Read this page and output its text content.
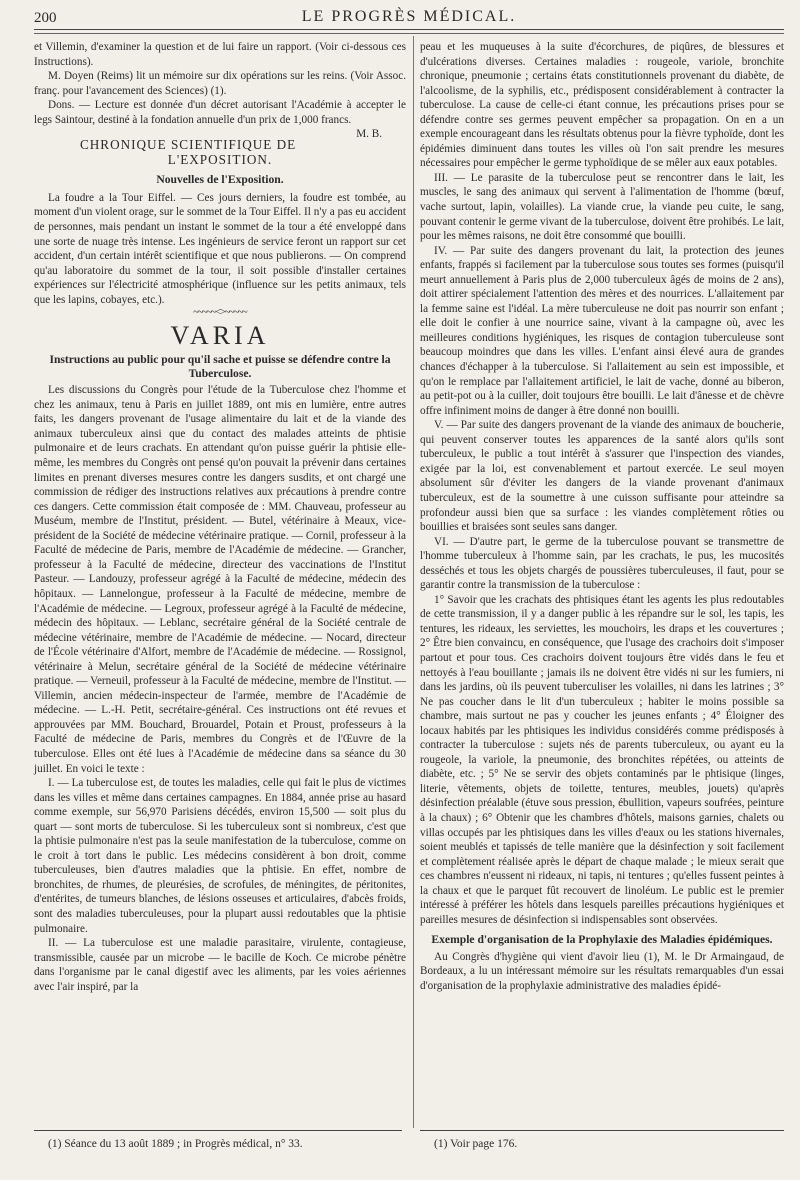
200	LE PROGRÈS MÉDICAL.

et Villemin, d'examiner la question et de lui faire un rapport. (Voir ci-dessous ces Instructions).

M. Doyen (Reims) lit un mémoire sur dix opérations sur les reins. (Voir Assoc. franç. pour l'avancement des Sciences) (1).

Dons. — Lecture est donnée d'un décret autorisant l'Académie à accepter le legs Saintour, destiné à la fondation annuelle d'un prix de 1,000 francs.
M. B.

CHRONIQUE SCIENTIFIQUE DE L'EXPOSITION.
Nouvelles de l'Exposition.

La foudre a la Tour Eiffel. — Ces jours derniers, la foudre est tombée, au moment d'un violent orage, sur le sommet de la Tour Eiffel. Il n'y a pas eu accident de personnes, mais pendant un instant le sommet de la tour a été enveloppé dans une sorte de nuage très intense. Les ingénieurs de service feront un rapport sur cet accident, d'un certain intérêt scientifique et que nous publierons. — On comprend qu'au laboratoire du sommet de la tour, il soit possible d'installer certaines expériences sur l'électricité atmosphérique (influence sur les petits animaux, tels que les lapins, cobayes, etc.).

~~~~~<>~~~~~
VARIA
Instructions au public pour qu'il sache et puisse se défendre contre la Tuberculose.

Les discussions du Congrès pour l'étude de la Tuberculose chez l'homme et chez les animaux, tenu à Paris en juillet 1889, ont mis en lumière, entre autres faits, les dangers provenant de l'usage alimentaire du lait et de la viande des animaux tuberculeux ainsi que du contact des malades atteints de phtisie pulmonaire et de leurs crachats. En attendant qu'on puisse guérir la phtisie elle-même, les membres du Congrès ont pensé qu'on pouvait la prévenir dans certaines limites en prenant diverses mesures contre les dangers susdits, et ont chargé une commission de rédiger des instructions relatives aux précautions à prendre contre ces dangers. Cette commission était composée de : MM. Chauveau, professeur au Muséum, membre de l'Institut, président. — Butel, vétérinaire à Meaux, vice-président de la Société de médecine vétérinaire pratique. — Cornil, professeur à la Faculté de médecine de Paris, membre de l'Académie de médecine. — Grancher, professeur à la Faculté de médecine, directeur des vaccinations de l'Institut Pasteur. — Landouzy, professeur agrégé à la Faculté de médecine, médecin des hôpitaux. — Lannelongue, professeur à la Faculté de médecine, membre de l'Académie de médecine. — Legroux, professeur agrégé à la Faculté de médecine, médecin des hôpitaux. — Leblanc, secrétaire général de la Société centrale de médecine vétérinaire, membre de l'Académie de médecine. — Nocard, directeur de l'École vétérinaire d'Alfort, membre de l'Académie de médecine. — Rossignol, vétérinaire à Melun, secrétaire général de la Société de médecine vétérinaire pratique. — Verneuil, professeur à la Faculté de médecine, membre de l'Institut. — Villemin, ancien médecin-inspecteur de l'armée, membre de l'Académie de médecine. — L.-H. Petit, secrétaire-général. Ces instructions ont été revues et approuvées par MM. Bouchard, Brouardel, Potain et Proust, professeurs à la Faculté de médecine de Paris, membres du Congrès et de l'Œuvre de la tuberculose. Elles ont été lues à l'Académie de médecine dans sa séance du 30 juillet. En voici le texte :

I. — La tuberculose est, de toutes les maladies, celle qui fait le plus de victimes dans les villes et même dans certaines campagnes. En 1884, année prise au hasard comme exemple, sur 56,970 Parisiens décédés, environ 15,500 — soit plus du quart — sont morts de tuberculose. Si les tuberculeux sont si nombreux, c'est que la phtisie pulmonaire n'est pas la seule manifestation de la tuberculose, comme on le croit à tort dans le public. Les médecins considèrent à bon droit, comme tuberculeuses, bien d'autres maladies que la phtisie. En effet, nombre de bronchites, de rhumes, de pleurésies, de scrofules, de méningites, de péritonites, d'entérites, de tumeurs blanches, de lésions osseuses et articulaires, d'abcès froids, sont des maladies tuberculeuses, pour la plupart aussi redoutables que la phtisie pulmonaire.

II. — La tuberculose est une maladie parasitaire, virulente, contagieuse, transmissible, causée par un microbe — le bacille de Koch. Ce microbe pénètre dans l'organisme par le canal digestif avec les aliments, par les voies aériennes avec l'air inspiré, par la

peau et les muqueuses à la suite d'écorchures, de piqûres, de blessures et d'ulcérations diverses. Certaines maladies : rougeole, variole, bronchite chronique, pneumonie ; certains états constitutionnels provenant du diabète, de l'alcoolisme, de la syphilis, etc., prédisposent considérablement à contracter la tuberculose. La cause de celle-ci étant connue, les précautions prises pour se défendre contre ses germes peuvent empêcher sa propagation. On en a un exemple encourageant dans les résultats obtenus pour la fièvre typhoïde, dont les épidémies diminuent dans toutes les villes où l'on sait prendre les mesures nécessaires pour empêcher le germe typhoïdique de se mêler aux eaux potables.

III. — Le parasite de la tuberculose peut se rencontrer dans le lait, les muscles, le sang des animaux qui servent à l'alimentation de l'homme (bœuf, vache surtout, lapin, volailles). La viande crue, la viande peu cuite, le sang, pouvant contenir le germe vivant de la tuberculose, doivent être prohibés. Le lait, pour les mêmes raisons, ne doit être consommé que bouilli.

IV. — Par suite des dangers provenant du lait, la protection des jeunes enfants, frappés si facilement par la tuberculose sous toutes ses formes (puisqu'il meurt annuellement à Paris plus de 2,000 tuberculeux âgés de moins de 2 ans), doit attirer spécialement l'attention des mères et des nourrices. L'allaitement par la femme saine est l'idéal. La mère tuberculeuse ne doit pas nourrir son enfant ; elle doit le confier à une nourrice saine, vivant à la campagne où, avec les meilleures conditions hygiéniques, les risques de contagion tuberculeuse sont beaucoup moindres que dans les villes. L'enfant ainsi élevé aura de grandes chances d'échapper à la tuberculose. Si l'allaitement au sein est impossible, et qu'on le remplace par l'allaitement artificiel, le lait de vache, donné au biberon, au petit-pot ou à la cuiller, doit toujours être bouilli. Le lait d'ânesse et de chèvre offre infiniment moins de danger à être donné non bouilli.

V. — Par suite des dangers provenant de la viande des animaux de boucherie, qui peuvent conserver toutes les apparences de la santé alors qu'ils sont tuberculeux, le public a tout intérêt à s'assurer que l'inspection des viandes, exigée par la loi, est convenablement et partout exercée. Le seul moyen absolument sûr d'éviter les dangers de la viande provenant d'animaux tuberculeux, est de la soumettre à une cuisson suffisante pour atteindre sa profondeur aussi bien que sa surface : les viandes complètement rôties ou bouillies et braisées sont seules sans danger.

VI. — D'autre part, le germe de la tuberculose pouvant se transmettre de l'homme tuberculeux à l'homme sain, par les crachats, le pus, les mucosités desséchés et tous les objets chargés de poussières tuberculeuses, il faut, pour se garantir contre la transmission de la tuberculose :

1° Savoir que les crachats des phtisiques étant les agents les plus redoutables de cette transmission, il y a danger public à les répandre sur le sol, les tapis, les tentures, les rideaux, les serviettes, les mouchoirs, les draps et les couvertures ; 2° Être bien convaincu, en conséquence, que l'usage des crachoirs doit s'imposer partout et pour tous. Ces crachoirs doivent toujours être vidés dans le feu et nettoyés à l'eau bouillante ; jamais ils ne doivent être vidés ni sur les fumiers, ni dans les jardins, où ils peuvent tuberculiser les volailles, ni dans les latrines ; 3° Ne pas coucher dans le lit d'un tuberculeux ; habiter le moins possible sa chambre, mais surtout ne pas y coucher les jeunes enfants ; 4° Éloigner des locaux habités par les phtisiques les individus considérés comme prédisposés à contracter la tuberculose : sujets nés de parents tuberculeux, ou ayant eu la rougeole, la variole, la pneumonie, des bronchites répétées, ou atteints de diabète, etc. ; 5° Ne se servir des objets contaminés par le phtisique (linges, literie, vêtements, objets de toilette, tentures, meubles, jouets) qu'après désinfection préalable (étuve sous pression, ébullition, vapeurs soufrées, peinture à la chaux) ; 6° Obtenir que les chambres d'hôtels, maisons garnies, chalets ou villas occupés par les phtisiques dans les villes d'eaux ou les stations hivernales, soient meublés et tapissés de telle manière que la désinfection y soit facilement et complètement réalisée après le départ de chaque malade ; le mieux serait que ces chambres n'eussent ni rideaux, ni tapis, ni tentures ; qu'elles fussent peintes à la chaux et que le parquet fût recouvert de linoléum. Le public est le premier intéressé à préférer les hôtels dans lesquels pareilles précautions hygiéniques et pareilles mesures de désinfection si indispensables sont observées.

Exemple d'organisation de la Prophylaxie des Maladies épidémiques.

Au Congrès d'hygiène qui vient d'avoir lieu (1), M. le Dr Armaingaud, de Bordeaux, a lu un intéressant mémoire sur les résultats remarquables d'un essai d'organisation de la prophylaxie administrative des maladies épidé-

(1) Séance du 13 août 1889 ; in Progrès médical, n° 33.	(1) Voir page 176.
